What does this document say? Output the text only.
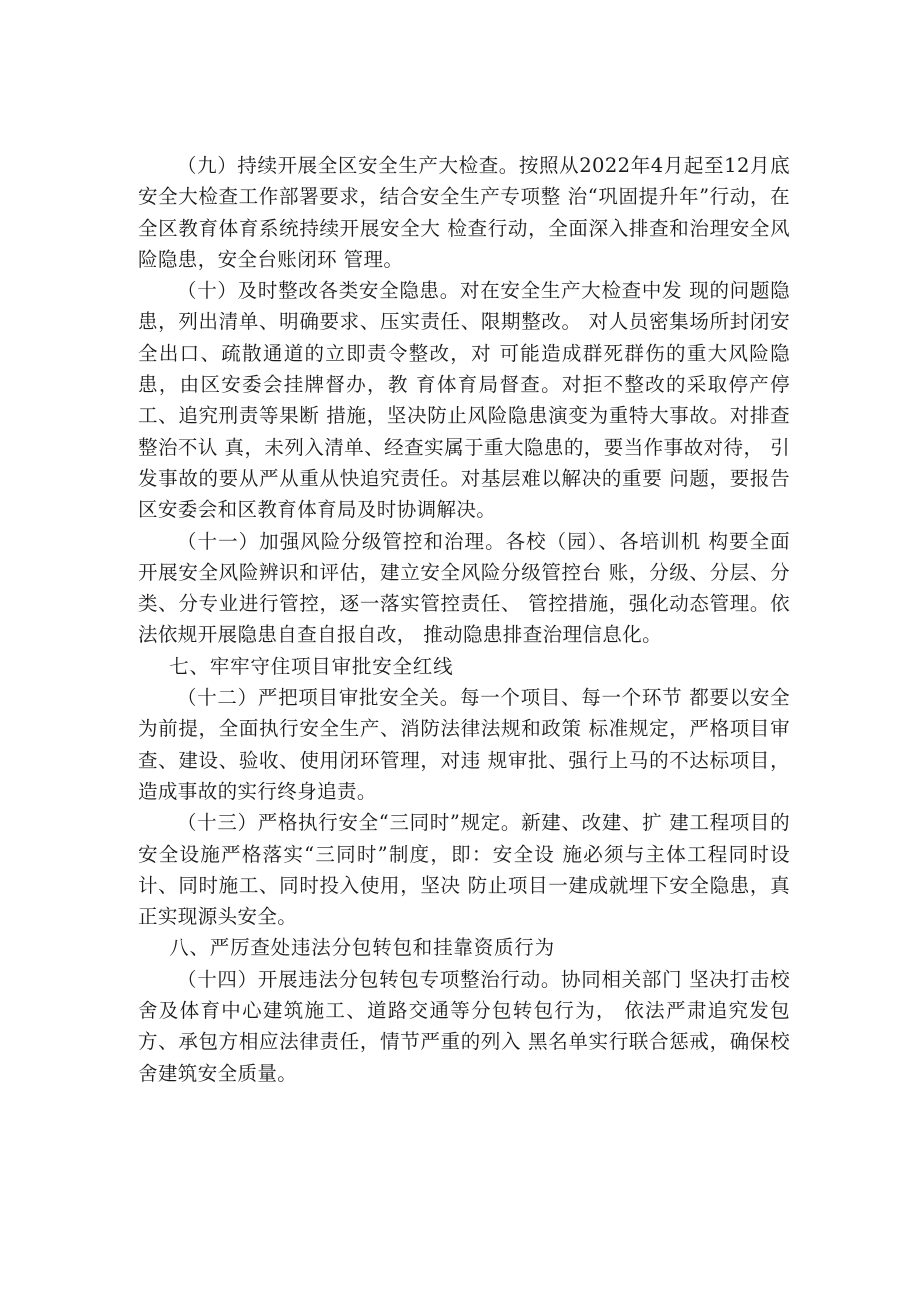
（九）持续开展全区安全生产大检查。按照从2022年4月起至12月底安全大检查工作部署要求，结合安全生产专项整 治“巩固提升年”行动，在全区教育体育系统持续开展安全大 检查行动，全面深入排查和治理安全风险隐患，安全台账闭环 管理。

（十）及时整改各类安全隐患。对在安全生产大检查中发 现的问题隐患，列出清单、明确要求、压实责任、限期整改。 对人员密集场所封闭安全出口、疏散通道的立即责令整改，对 可能造成群死群伤的重大风险隐患，由区安委会挂牌督办，教 育体育局督查。对拒不整改的采取停产停工、追究刑责等果断 措施，坚决防止风险隐患演变为重特大事故。对排查整治不认 真，未列入清单、经查实属于重大隐患的，要当作事故对待， 引发事故的要从严从重从快追究责任。对基层难以解决的重要 问题，要报告区安委会和区教育体育局及时协调解决。

（十一）加强风险分级管控和治理。各校（园）、各培训机 构要全面开展安全风险辨识和评估，建立安全风险分级管控台 账，分级、分层、分类、分专业进行管控，逐一落实管控责任、 管控措施，强化动态管理。依法依规开展隐患自查自报自改， 推动隐患排查治理信息化。

七、牢牢守住项目审批安全红线

（十二）严把项目审批安全关。每一个项目、每一个环节 都要以安全为前提，全面执行安全生产、消防法律法规和政策 标准规定，严格项目审查、建设、验收、使用闭环管理，对违 规审批、强行上马的不达标项目，造成事故的实行终身追责。

（十三）严格执行安全“三同时”规定。新建、改建、扩 建工程项目的安全设施严格落实“三同时”制度，即：安全设 施必须与主体工程同时设计、同时施工、同时投入使用，坚决 防止项目一建成就埋下安全隐患，真正实现源头安全。

八、严厉查处违法分包转包和挂靠资质行为

（十四）开展违法分包转包专项整治行动。协同相关部门 坚决打击校舍及体育中心建筑施工、道路交通等分包转包行为， 依法严肃追究发包方、承包方相应法律责任，情节严重的列入 黑名单实行联合惩戒，确保校舍建筑安全质量。
